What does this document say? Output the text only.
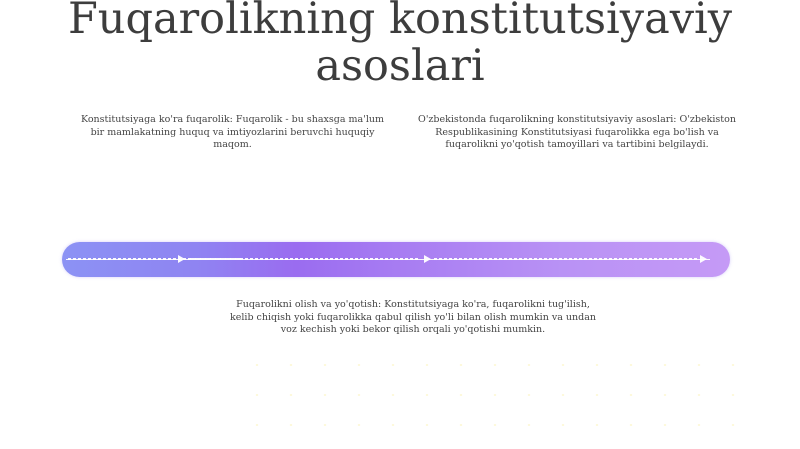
Fuqarolikning konstitutsiyaviy asoslari
Konstitutsiyaga ko'ra fuqarolik: Fuqarolik - bu shaxsga ma'lum bir mamlakatning huquq va imtiyozlarini beruvchi huquqiy maqom.
O'zbekistonda fuqarolikning konstitutsiyaviy asoslari: O'zbekiston Respublikasining Konstitutsiyasi fuqarolikka ega bo'lish va fuqarolikni yo'qotish tamoyillari va tartibini belgilaydi.
Fuqarolikni olish va yo'qotish: Konstitutsiyaga ko'ra, fuqarolikni tug'ilish, kelib chiqish yoki fuqarolikka qabul qilish yo'li bilan olish mumkin va undan voz kechish yoki bekor qilish orqali yo'qotishi mumkin.
